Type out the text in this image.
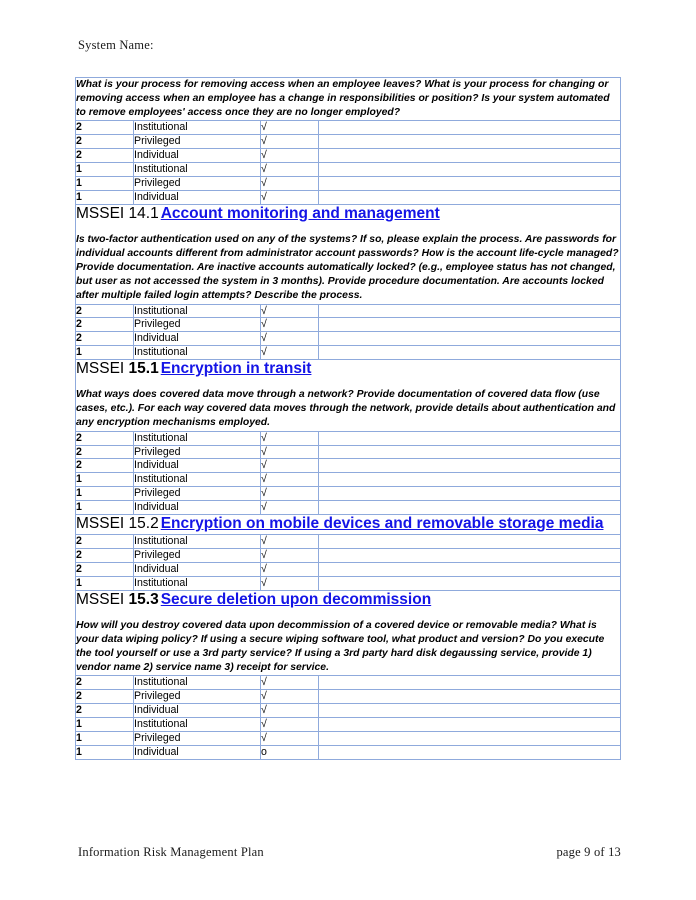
System Name:

What is your process for removing access when an employee leaves? What is your process for changing or removing access when an employee has a change in responsibilities or position? Is your system automated to remove employees' access once they are no longer employed?			

2	Institutional	√	
2	Privileged	√	
2	Individual	√	
1	Institutional	√	
1	Privileged	√	
1	Individual	√	

MSSEI 14.1 Account monitoring and management

Is two-factor authentication used on any of the systems? If so, please explain the process. Are passwords for individual accounts different from administrator account passwords? How is the account life-cycle managed? Provide documentation. Are inactive accounts automatically locked? (e.g., employee status has not changed, but user as not accessed the system in 3 months). Provide procedure documentation. Are accounts locked after multiple failed login attempts? Describe the process.			

2	Institutional	√	
2	Privileged	√	
2	Individual	√	
1	Institutional	√	

MSSEI 15.1 Encryption in transit

What ways does covered data move through a network? Provide documentation of covered data flow (use cases, etc.). For each way covered data moves through the network, provide details about authentication and any encryption mechanisms employed.			

2	Institutional	√	
2	Privileged	√	
2	Individual	√	
1	Institutional	√	
1	Privileged	√	
1	Individual	√	

MSSEI 15.2 Encryption on mobile devices and removable storage media			

2	Institutional	√	
2	Privileged	√	
2	Individual	√	
1	Institutional	√	

MSSEI 15.3 Secure deletion upon decommission

How will you destroy covered data upon decommission of a covered device or removable media? What is your data wiping policy? If using a secure wiping software tool, what product and version? Do you execute the tool yourself or use a 3rd party service? If using a 3rd party hard disk degaussing service, provide 1) vendor name 2) service name 3) receipt for service.			

2	Institutional	√	
2	Privileged	√	
2	Individual	√	
1	Institutional	√	
1	Privileged	√	
1	Individual	o	
Information Risk Management Plan	page 9 of 13
